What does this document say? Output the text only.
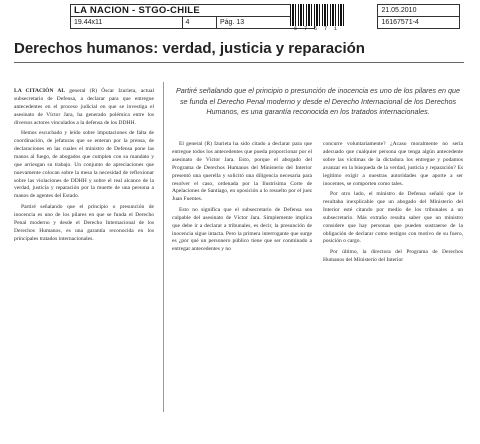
LA NACION - STGO-CHILE				21.05.2010
19.44x11	4	Pág. 13		16167571-4
6 7 5 7 1
Derechos humanos: verdad, justicia y reparación

LA CITACIÓN AL general (R) Óscar Izurieta, actual subsecretario de Defensa, a declarar para que entregue antecedentes en el proceso judicial en que se investiga el asesinato de Víctor Jara, ha generado polémica entre los diversos actores vinculados a la defensa de los DDHH.

Hemos escuchado y leído sobre imputaciones de falta de coordinación, de jefaturas que se enteran por la prensa, de declaraciones en las cuales el ministro de Defensa pone las manos al fuego, de abogados que cumplen con su mandato y que arriesgan su trabajo. Un conjunto de apreciaciones que nuevamente colocan sobre la mesa la necesidad de reflexionar sobre las violaciones de DDHH y sobre el real alcance de la verdad, justicia y reparación por la muerte de una persona a manos de agentes del Estado.

Partiré señalando que el principio o presunción de inocencia es uno de los pilares en que se funda el Derecho Penal moderno y desde el Derecho Internacional de los Derechos Humanos, es una garantía reconocida en los principales tratados internacionales.

Partiré señalando que el principio o presunción de inocencia es uno de los pilares en que se funda el Derecho Penal moderno y desde el Derecho Internacional de los Derechos Humanos, es una garantía reconocida en los tratados internacionales.

El general (R) Izurieta ha sido citado a declarar para que entregue todos los antecedentes que pueda proporcionar por el asesinato de Víctor Jara. Esto, porque el abogado del Programa de Derechos Humanos del Ministerio del Interior presentó una querella y solicitó una diligencia necesaria para resolver el caso, ordenada por la Ilustrísima Corte de Apelaciones de Santiago, en oposición a lo resuelto por el juez Juan Fuentes.

Esto no significa que el subsecretario de Defensa sea culpable del asesinato de Víctor Jara. Simplemente implica que debe ir a declarar a tribunales, es decir, la presunción de inocencia sigue intacta. Pero la primera interrogante que surge es ¿por qué un personero público tiene que ser conminado a entregar antecedentes y no

concurre voluntariamente? ¿Acaso moralmente no sería adecuado que cualquier persona que tenga algún antecedente sobre las víctimas de la dictadura los entregue y podamos avanzar en la búsqueda de la verdad, justicia y reparación? Es legítimo exigir a nuestras autoridades que aporte a ser inocentes, se comporten como tales.

Por otro lado, el ministro de Defensa señaló que le resultaba inexplicable que un abogado del Ministerio del Interior esté citando por medio de los tribunales a un subsecretario. Más extraño resulta saber que un ministro considere que hay personas que pueden sustraerse de la obligación de declarar como testigos con motivo de su fuero, posición o cargo.

Por último, la directora del Programa de Derechos Humanos del Ministerio del Interior
